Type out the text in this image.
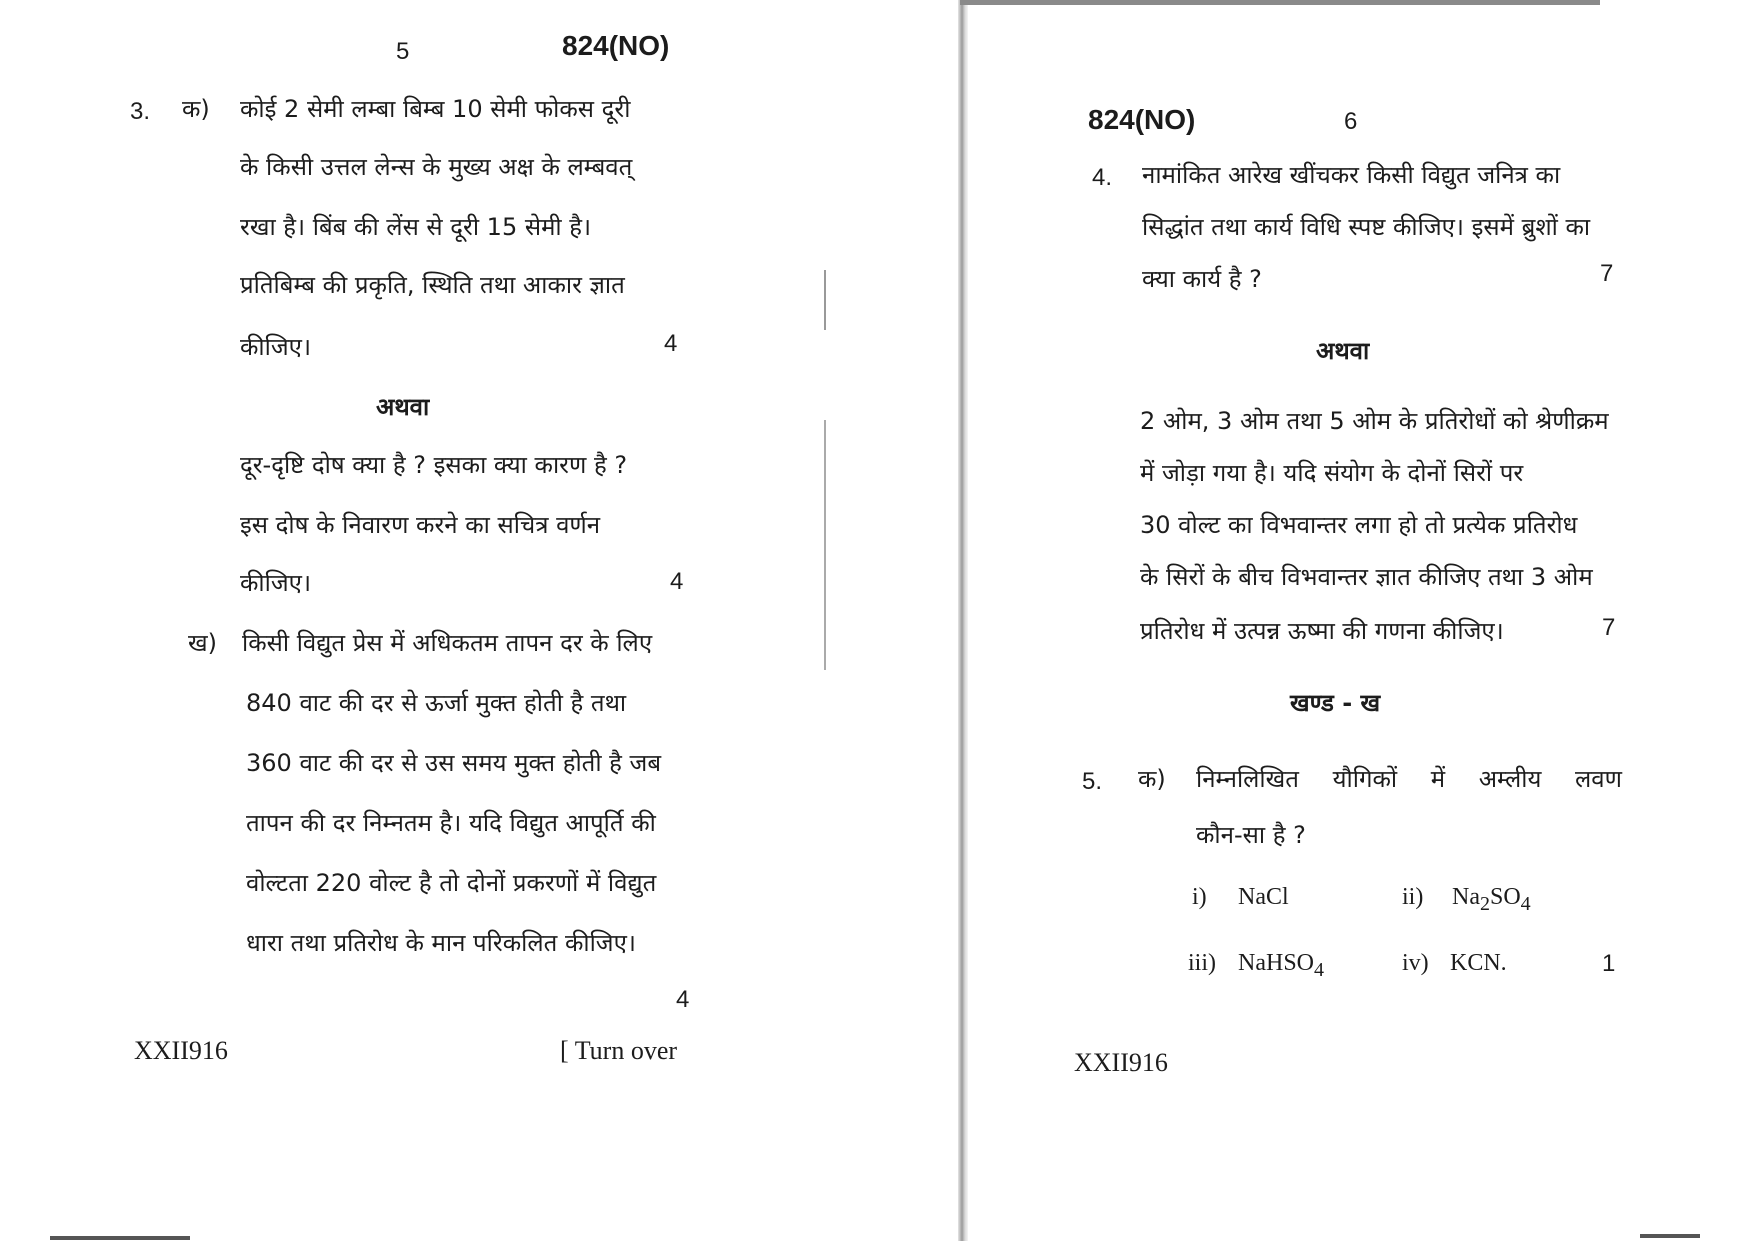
5	824(NO)
3. क) कोई 2 सेमी लम्बा बिम्ब 10 सेमी फोकस दूरी
के किसी उत्तल लेन्स के मुख्य अक्ष के लम्बवत्
रखा है। बिंब की लेंस से दूरी 15 सेमी है।
प्रतिबिम्ब की प्रकृति, स्थिति तथा आकार ज्ञात
कीजिए।	4
अथवा
दूर-दृष्टि दोष क्या है ? इसका क्या कारण है ?
इस दोष के निवारण करने का सचित्र वर्णन
कीजिए।	4
ख) किसी विद्युत प्रेस में अधिकतम तापन दर के लिए
840 वाट की दर से ऊर्जा मुक्त होती है तथा
360 वाट की दर से उस समय मुक्त होती है जब
तापन की दर निम्नतम है। यदि विद्युत आपूर्ति की
वोल्टता 220 वोल्ट है तो दोनों प्रकरणों में विद्युत
धारा तथा प्रतिरोध के मान परिकलित कीजिए।
4
XXII916	[ Turn over
824(NO)	6
4. नामांकित आरेख खींचकर किसी विद्युत जनित्र का
सिद्धांत तथा कार्य विधि स्पष्ट कीजिए। इसमें ब्रुशों का
क्या कार्य है ?	7
अथवा
2 ओम, 3 ओम तथा 5 ओम के प्रतिरोधों को श्रेणीक्रम
में जोड़ा गया है। यदि संयोग के दोनों सिरों पर
30 वोल्ट का विभवान्तर लगा हो तो प्रत्येक प्रतिरोध
के सिरों के बीच विभवान्तर ज्ञात कीजिए तथा 3 ओम
प्रतिरोध में उत्पन्न ऊष्मा की गणना कीजिए।	7
खण्ड - ख
5. क) निम्नलिखित यौगिकों में अम्लीय लवण
कौन-सा है ?
i) NaCl	ii) $Na_2SO_4$
iii) NaHSO$_4$	iv) KCN.	1
XXII916
